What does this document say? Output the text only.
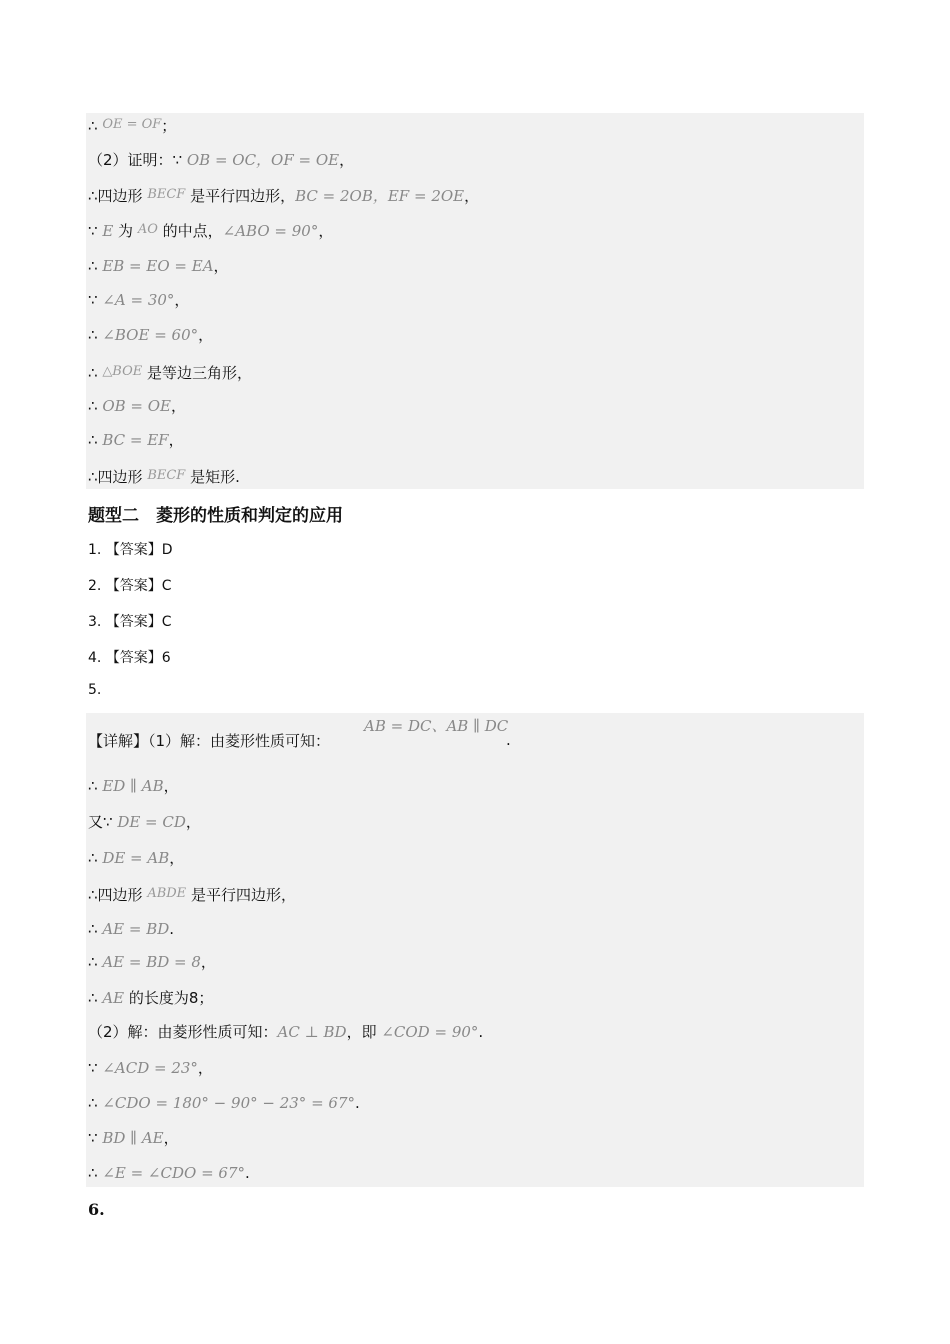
∴ OE = OF；
（2）证明：∵ OB = OC，OF = OE，
∴四边形 BECF 是平行四边形，BC = 2OB，EF = 2OE，
∵ E 为 AO 的中点，∠ABO = 90°，
∴ EB = EO = EA，
∵ ∠A = 30°，
∴ ∠BOE = 60°，
∴ △BOE 是等边三角形，
∴ OB = OE，
∴ BC = EF，
∴四边形 BECF 是矩形.
题型二　菱形的性质和判定的应用
1. 【答案】D
2. 【答案】C
3. 【答案】C
4. 【答案】6
5.
【详解】（1）解：由菱形性质可知：
AB = DC、AB ∥ DC
.
∴ ED ∥ AB，
又∵ DE = CD，
∴ DE = AB，
∴四边形 ABDE 是平行四边形，
∴ AE = BD.
∴ AE = BD = 8，
∴ AE 的长度为8；
（2）解：由菱形性质可知：AC ⊥ BD，即 ∠COD = 90°.
∵ ∠ACD = 23°，
∴ ∠CDO = 180° − 90° − 23° = 67°.
∵ BD ∥ AE，
∴ ∠E = ∠CDO = 67°.
6.
